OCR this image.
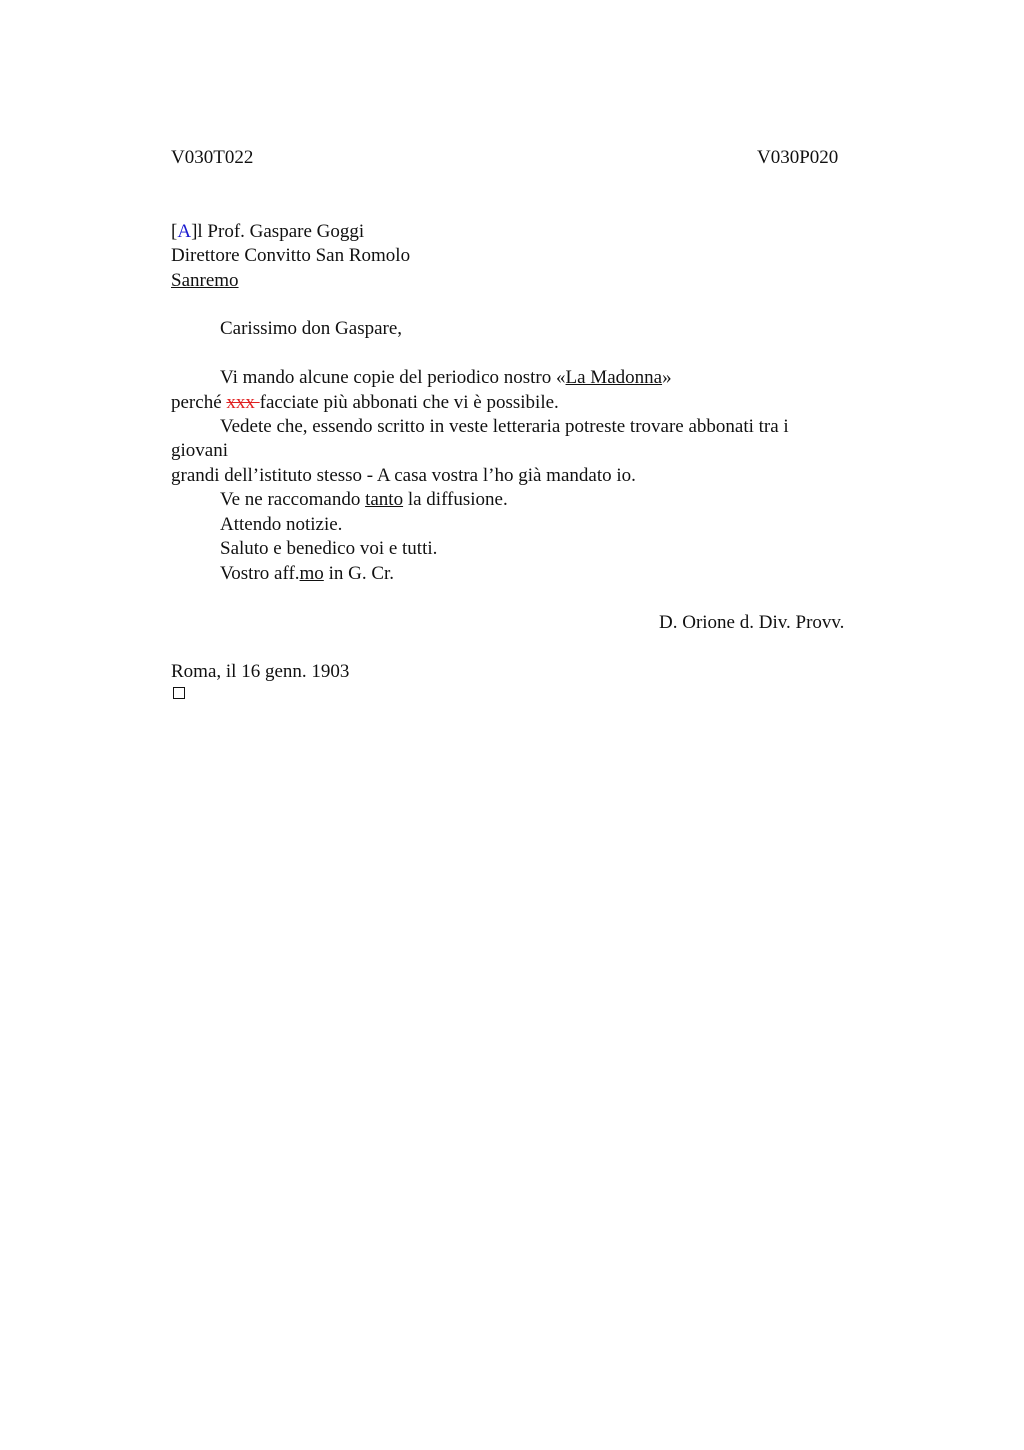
V030T022	V030P020
[A]l Prof. Gaspare Goggi
Direttore Convitto San Romolo
Sanremo
Carissimo don Gaspare,
Vi mando alcune copie del periodico nostro «La Madonna»
perché xxx facciate più abbonati che vi è possibile.
Vedete che, essendo scritto in veste letteraria potreste trovare abbonati tra i
giovani
grandi dell’istituto stesso - A casa vostra l’ho già mandato io.
Ve ne raccomando tanto la diffusione.
Attendo notizie.
Saluto e benedico voi e tutti.
Vostro aff.mo in G. Cr.
D. Orione d. Div. Provv.
Roma, il 16 genn. 1903
